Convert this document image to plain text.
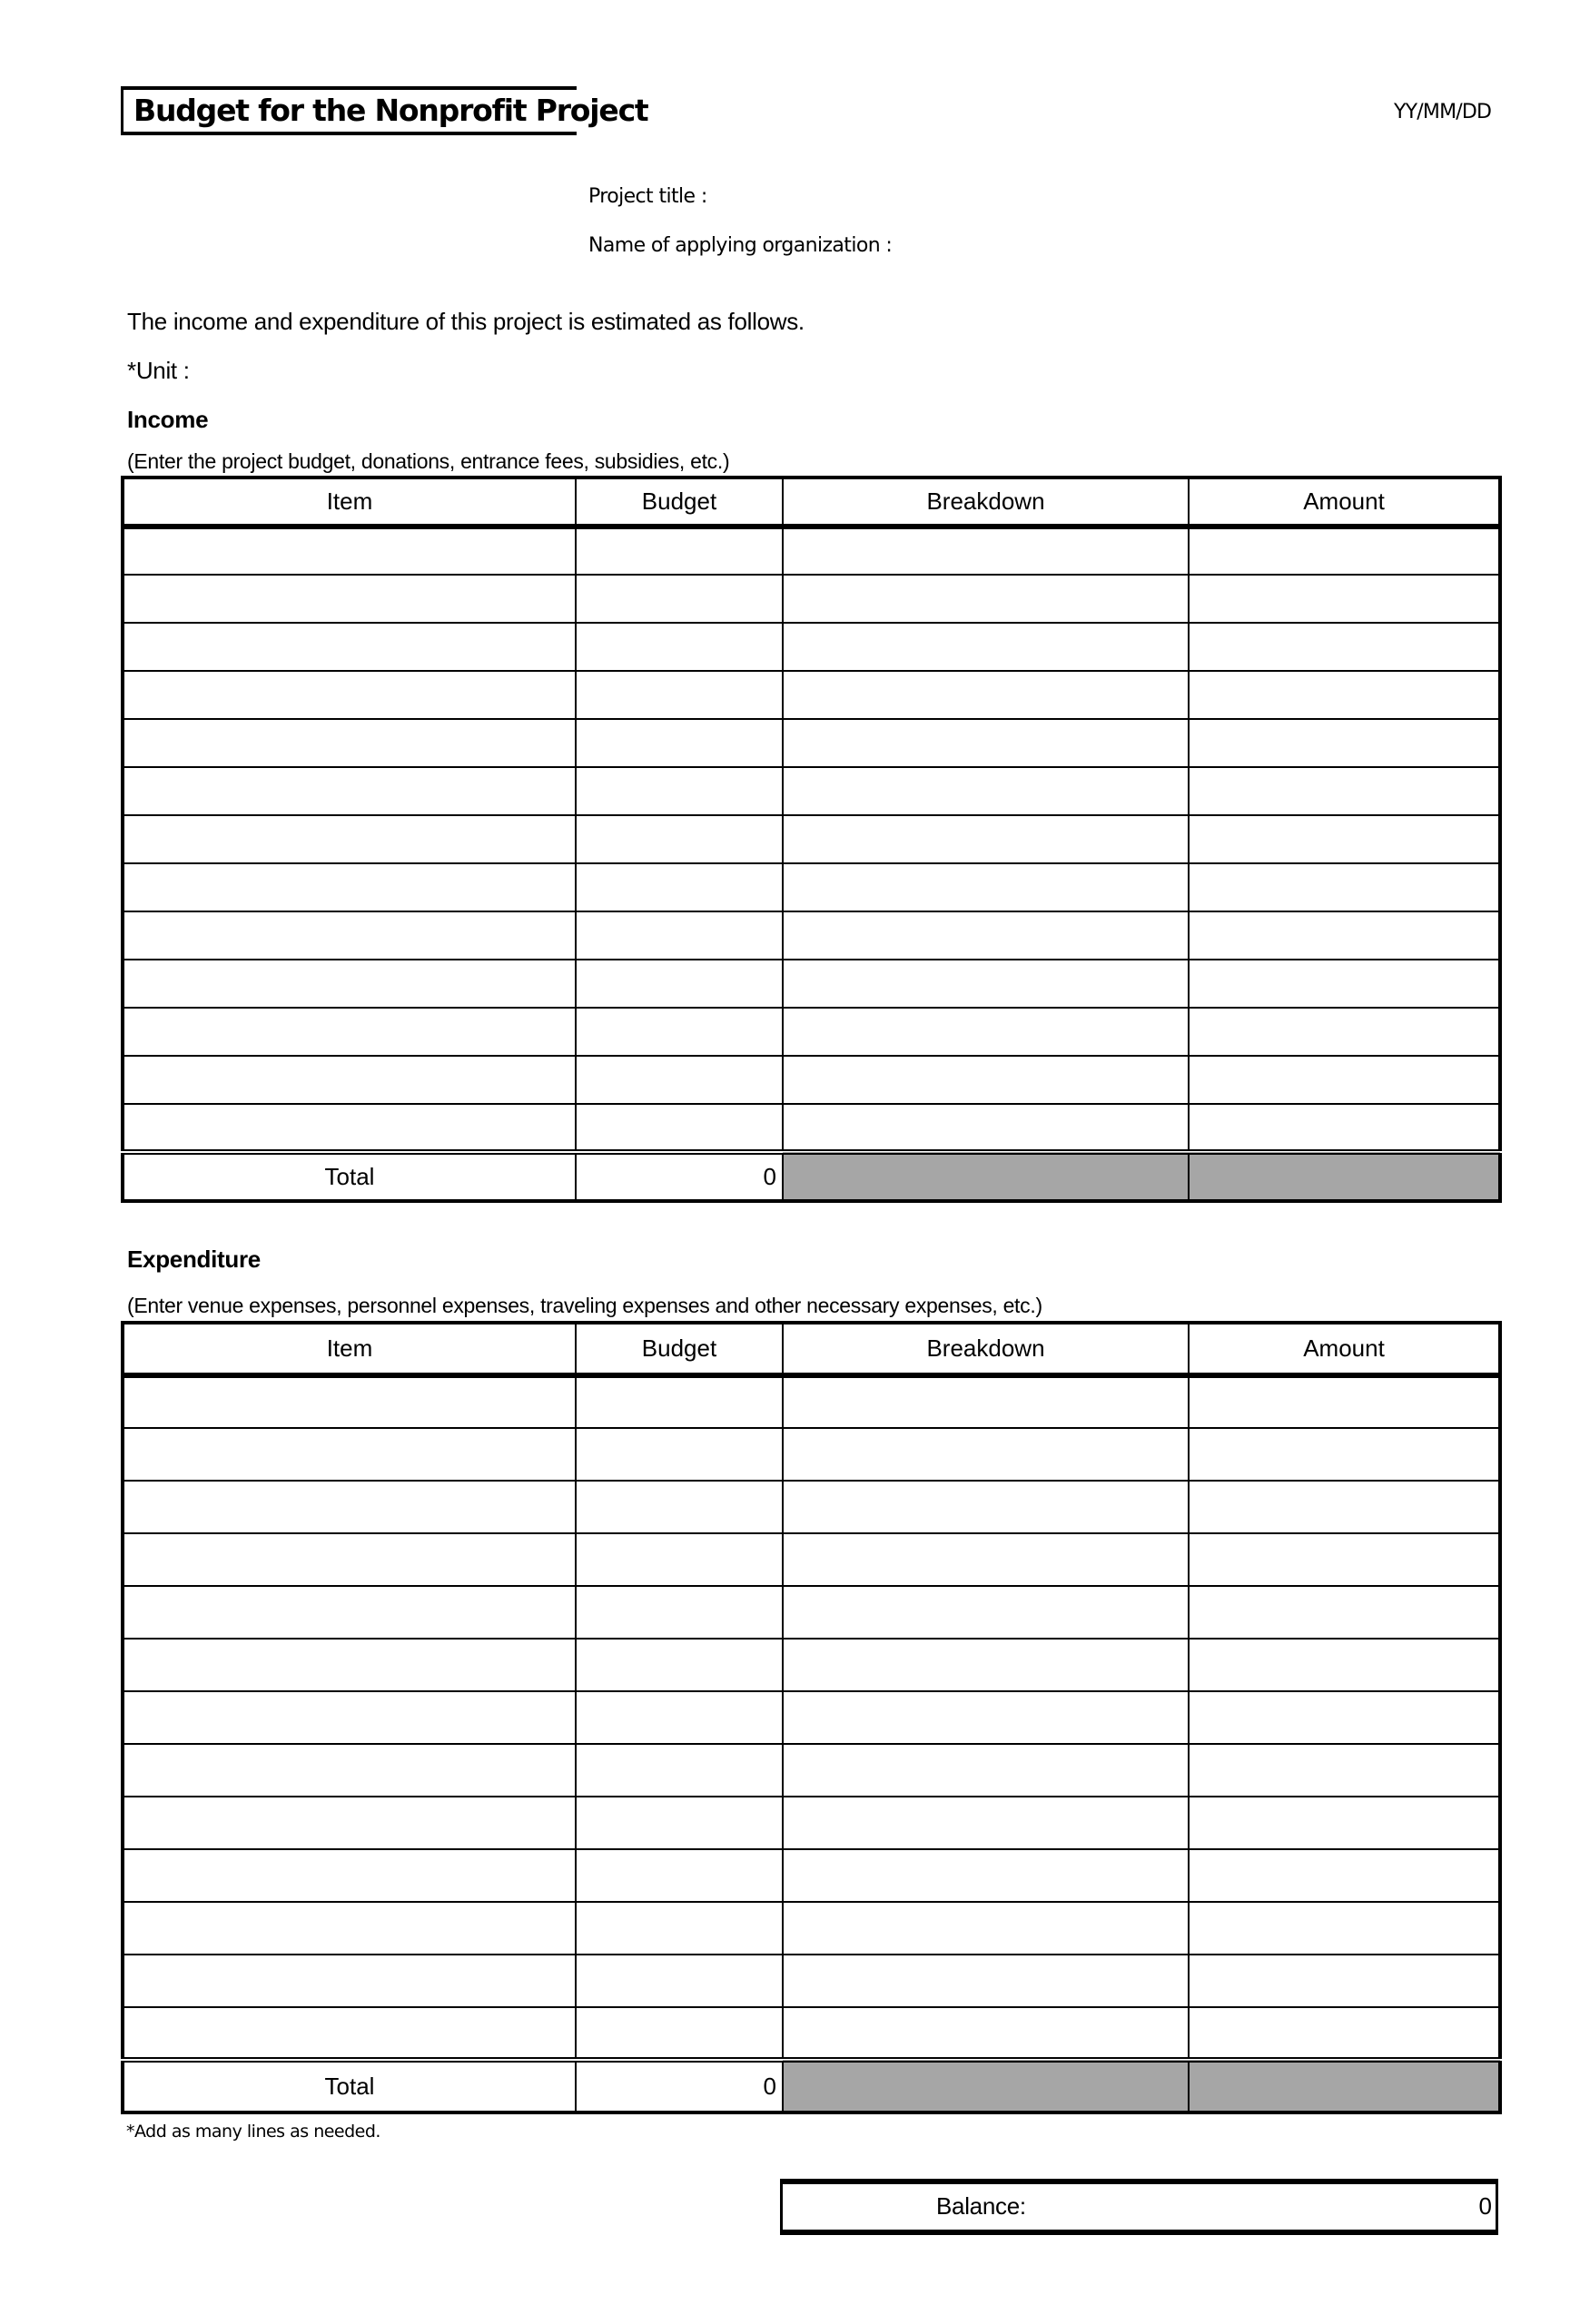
Budget for the Nonprofit Project	YY/MM/DD
Project title :
Name of applying organization :
The income and expenditure of this project is estimated as follows.
*Unit :
Income
(Enter the project budget, donations, entrance fees, subsidies, etc.)
Item	Budget	Breakdown	Amount

Total	0		
Expenditure
(Enter venue expenses, personnel expenses, traveling expenses and other necessary expenses, etc.)
Item	Budget	Breakdown	Amount

Total	0		
*Add as many lines as needed.
Balance:	0
